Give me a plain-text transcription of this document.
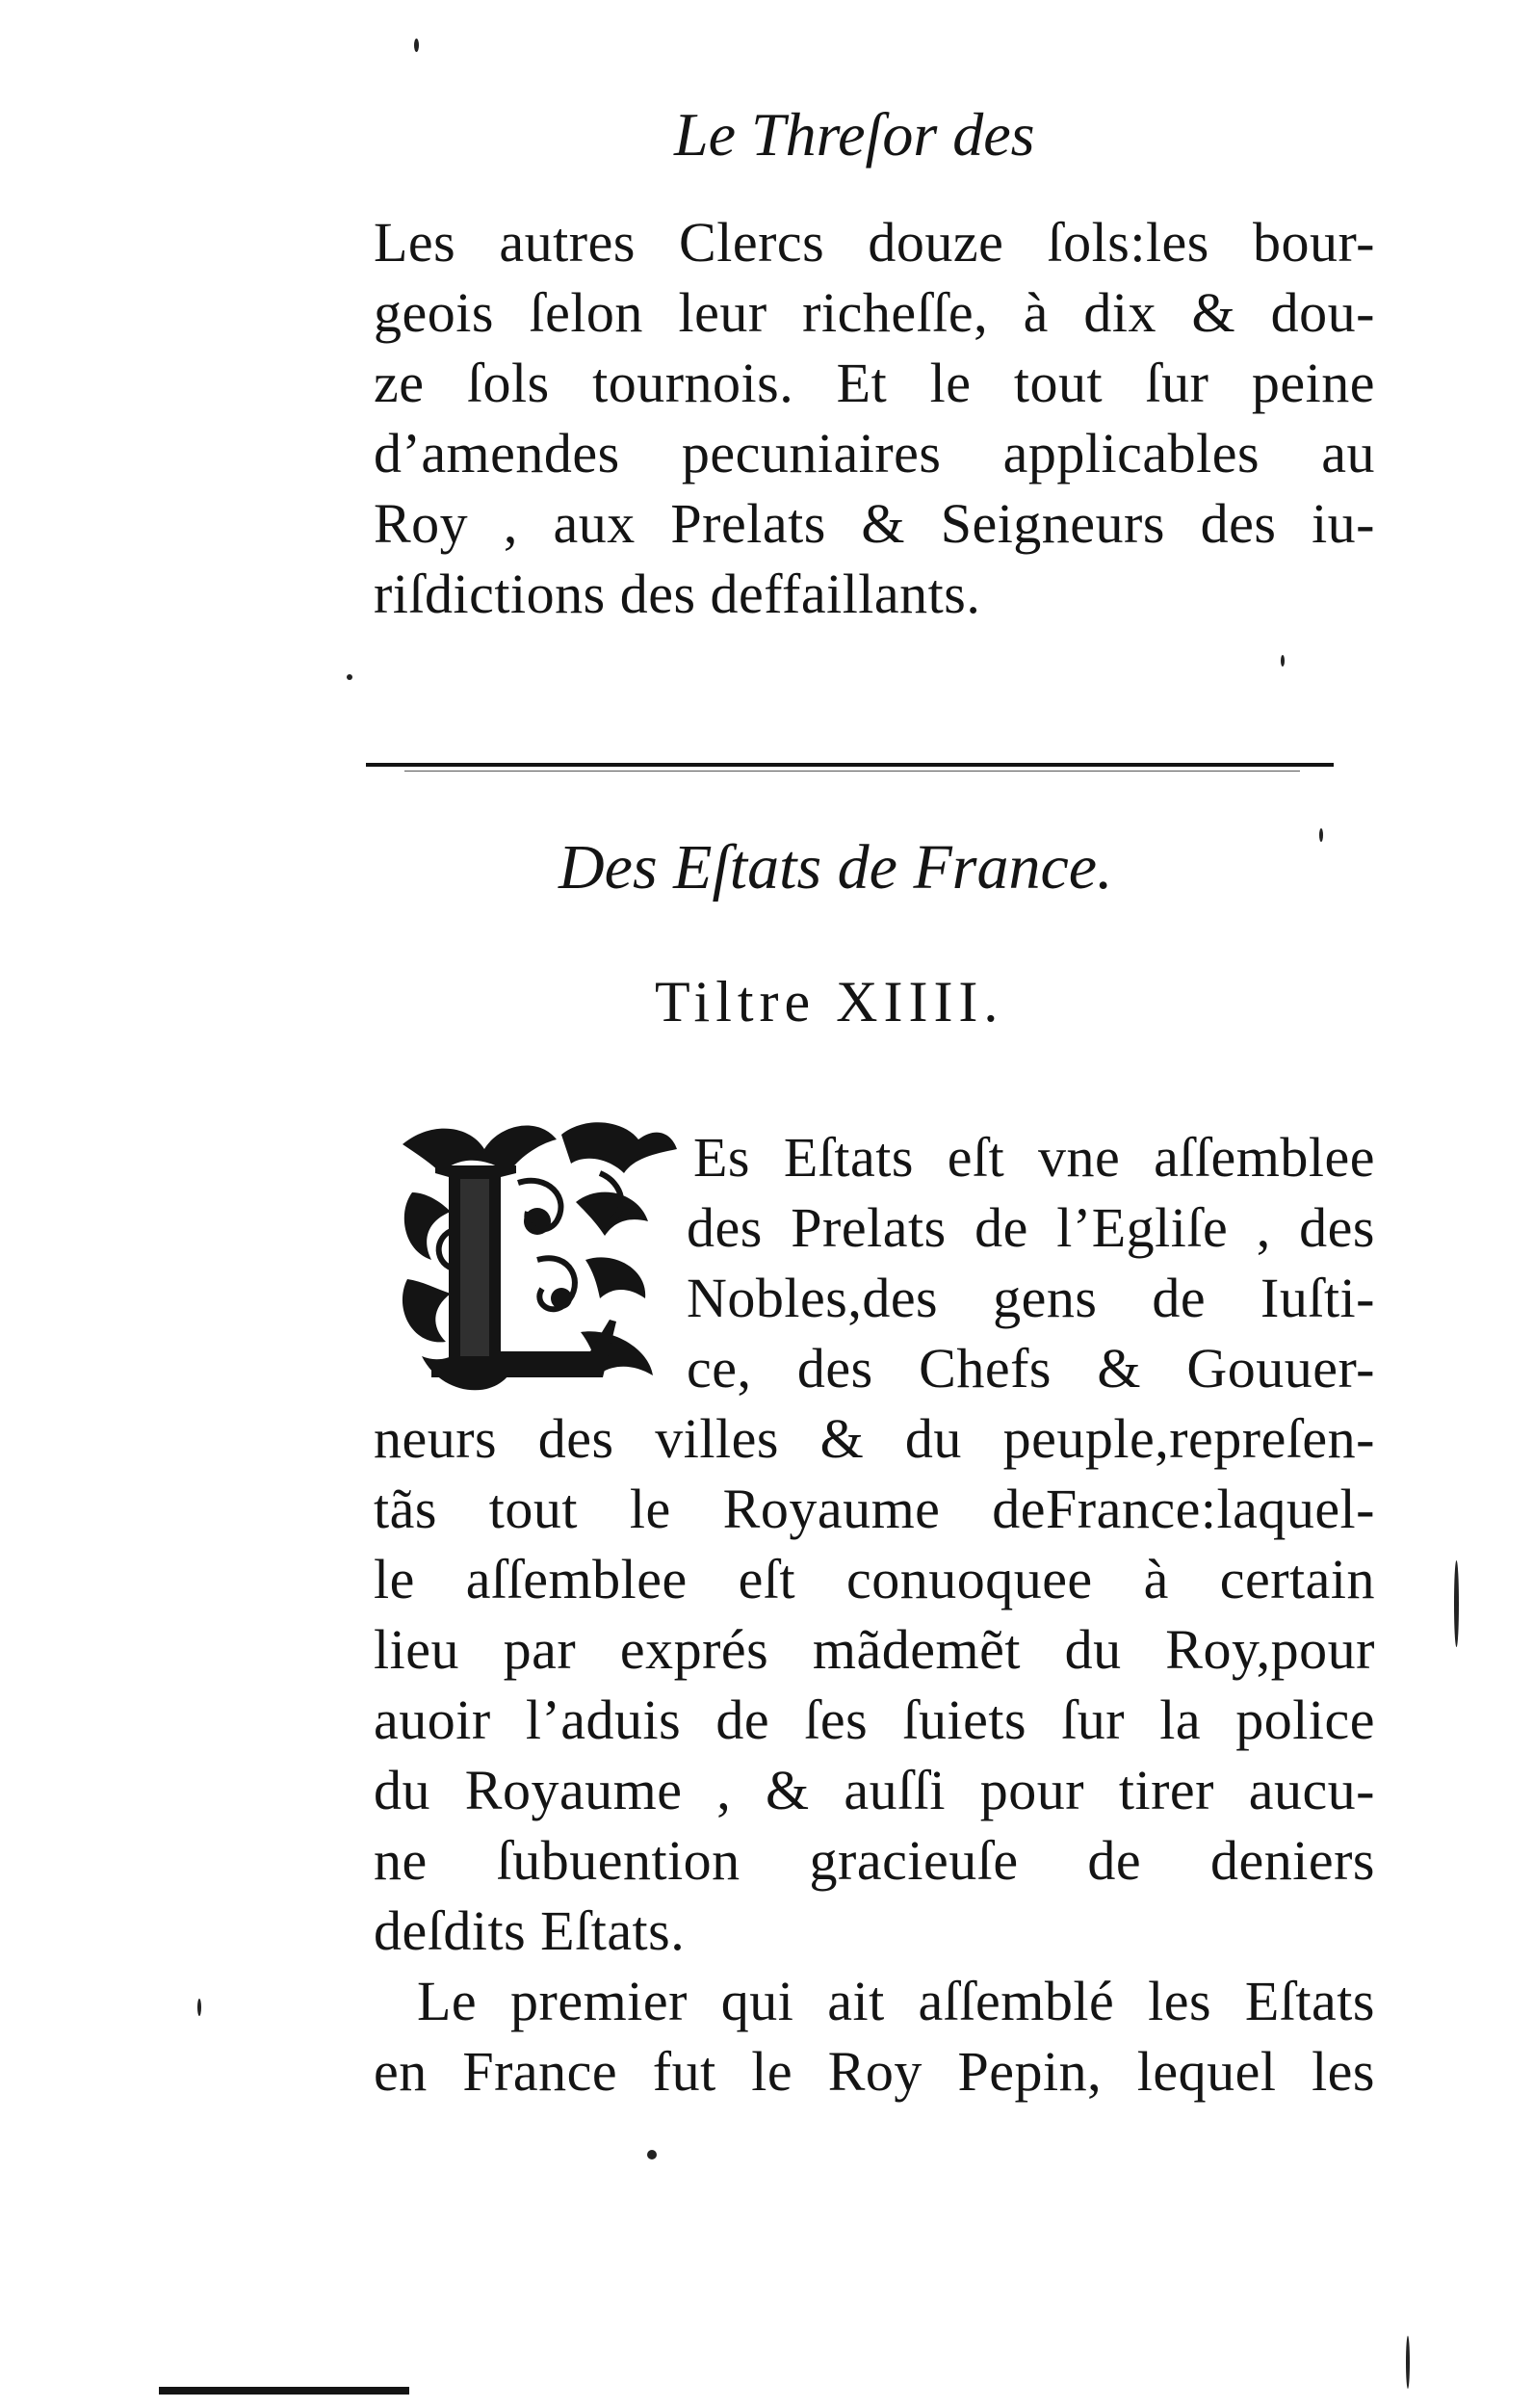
Le Threſor des
Les autres Clercs douze ſols:les bour-
geois ſelon leur richeſſe, à dix & dou-
ze ſols tournois. Et le tout ſur peine
d’amendes pecuniaires applicables au
Roy , aux Prelats & Seigneurs des iu-
riſdictions des deffaillants.
Des Eſtats de France.
Tiltre XIIII.
Es Eſtats eſt vne aſſemblee
des Prelats de l’Egliſe , des
Nobles,des gens de Iuſti-
ce, des Chefs & Gouuer-
neurs des villes & du peuple,repreſen-
tãs tout le Royaume deFrance:laquel-
le aſſemblee eſt conuoquee à certain
lieu par exprés mãdemẽt du Roy,pour
auoir l’aduis de ſes ſuiets ſur la police
du Royaume , & auſſi pour tirer aucu-
ne ſubuention gracieuſe de deniers
deſdits Eſtats.
Le premier qui ait aſſemblé les Eſtats
en France fut le Roy Pepin, lequel les
